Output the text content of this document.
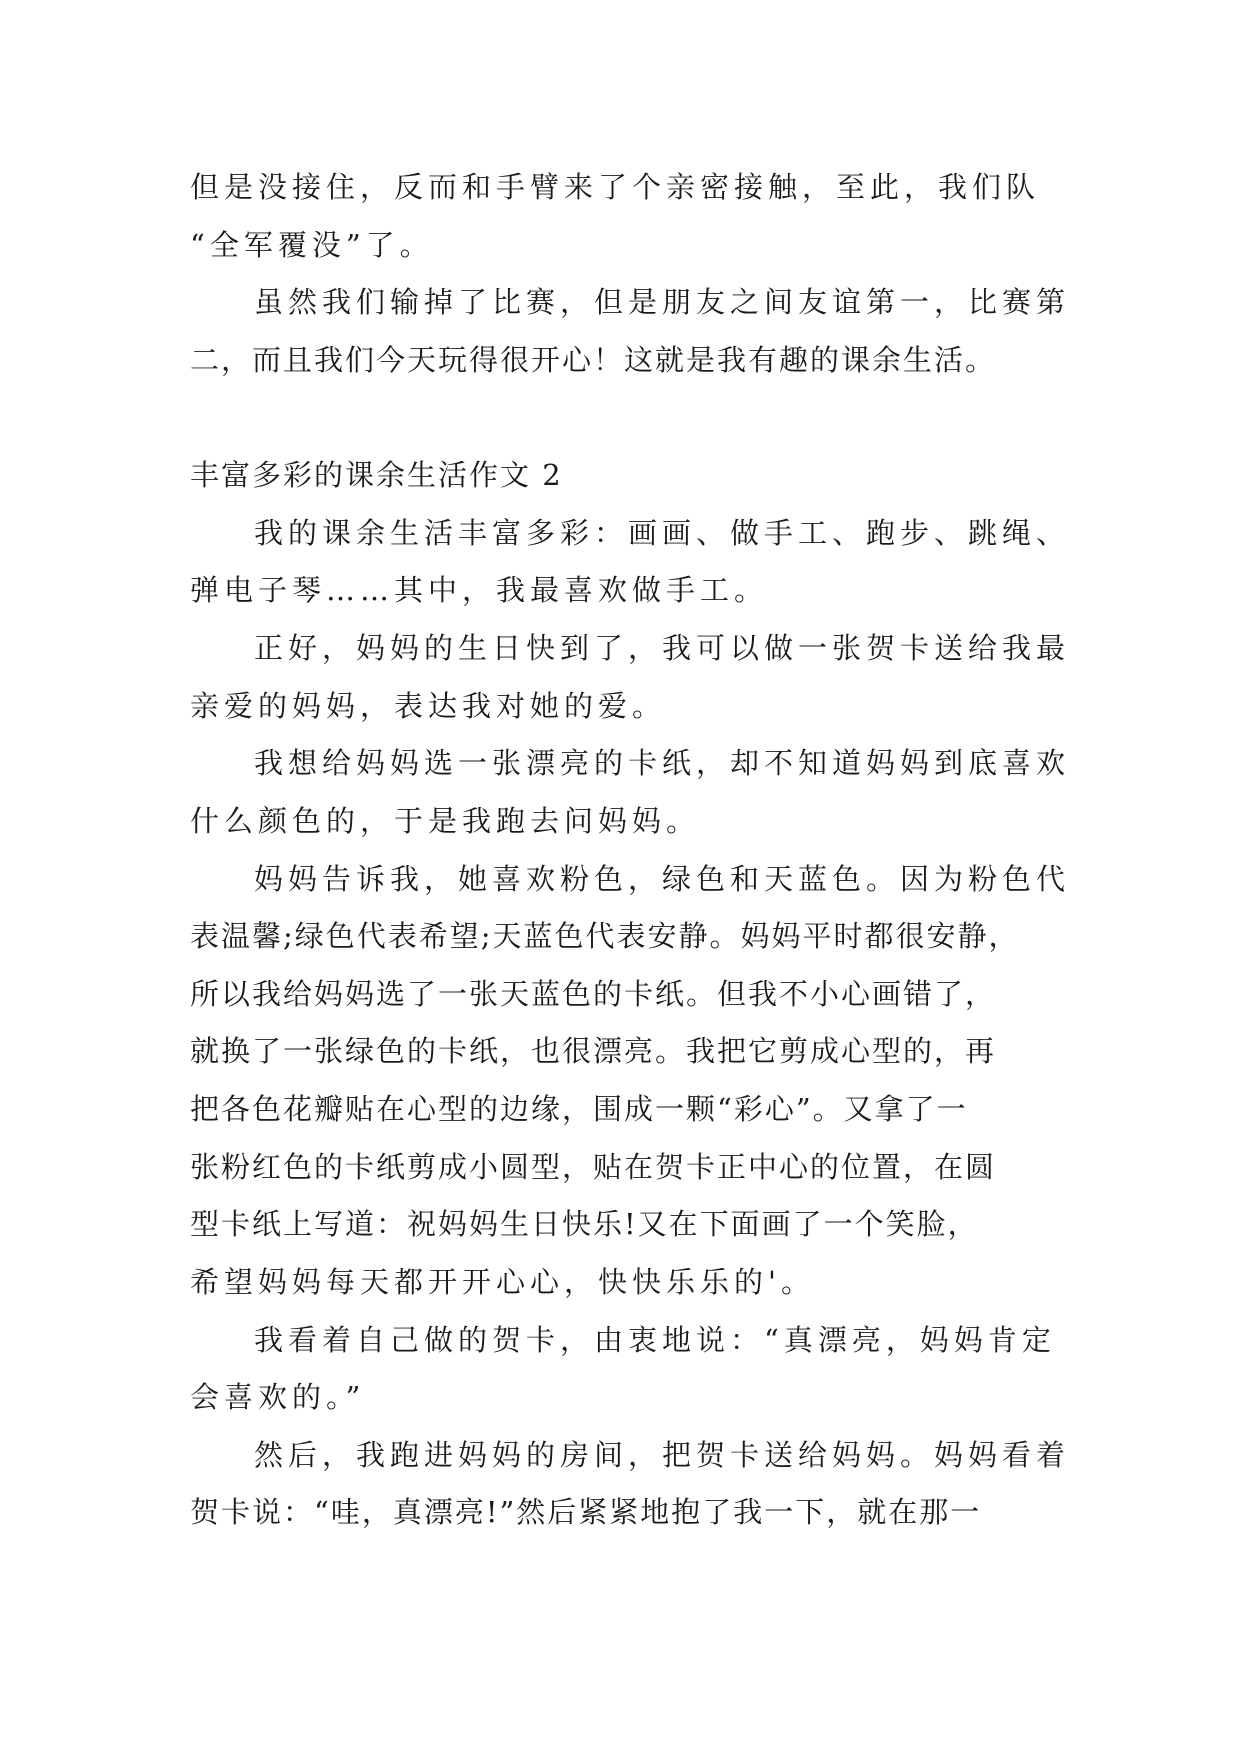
但是没接住，反而和手臂来了个亲密接触，至此，我们队
“全军覆没”了。
虽然我们输掉了比赛，但是朋友之间友谊第一，比赛第
二，而且我们今天玩得很开心！这就是我有趣的课余生活。
丰富多彩的课余生活作文 2
我的课余生活丰富多彩：画画、做手工、跑步、跳绳、
弹电子琴……其中，我最喜欢做手工。
正好，妈妈的生日快到了，我可以做一张贺卡送给我最
亲爱的妈妈，表达我对她的爱。
我想给妈妈选一张漂亮的卡纸，却不知道妈妈到底喜欢
什么颜色的，于是我跑去问妈妈。
妈妈告诉我，她喜欢粉色，绿色和天蓝色。因为粉色代
表温馨;绿色代表希望;天蓝色代表安静。妈妈平时都很安静，
所以我给妈妈选了一张天蓝色的卡纸。但我不小心画错了，
就换了一张绿色的卡纸，也很漂亮。我把它剪成心型的，再
把各色花瓣贴在心型的边缘，围成一颗“彩心”。又拿了一
张粉红色的卡纸剪成小圆型，贴在贺卡正中心的位置，在圆
型卡纸上写道：祝妈妈生日快乐!又在下面画了一个笑脸，
希望妈妈每天都开开心心，快快乐乐的'。
我看着自己做的贺卡，由衷地说：“真漂亮，妈妈肯定
会喜欢的。”
然后，我跑进妈妈的房间，把贺卡送给妈妈。妈妈看着
贺卡说：“哇，真漂亮!”然后紧紧地抱了我一下，就在那一
